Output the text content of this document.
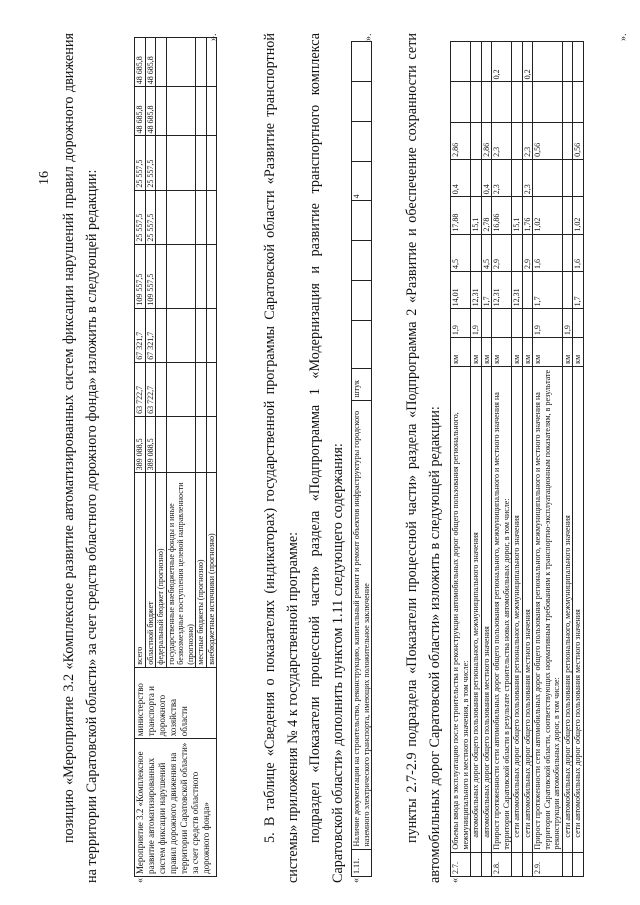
16 позицию «Мероприятие 3.2 «Комплексное развитие автоматизированных систем фиксации нарушений правил дорожного движения на территории Саратовской области» за счет средств областного дорожного фонда» изложить в следующей редакции:	«
Мероприятие 3.2 «Комплексное развитие автоматизированных систем фиксации нарушений правил дорожного движения на территории Саратовской области» за счет средств областного дорожного фонда»	министерство транспорта и дорожного хозяйства области	всего	389 088,5	63 722,7	67 321,7	109 557,5	25 557,5	25 557,5	48 685,8	48 685,8
		областной бюджет	389 088,5	63 722,7	67 321,7	109 557,5	25 557,5	25 557,5	48 685,8	48 685,8
		федеральный бюджет (прогнозно)								
		государственные внебюджетные фонды и иные безвозмездные поступления целевой направленности (прогнозно)								
		местные бюджеты (прогнозно)								
		внебюджетные источники (прогнозно)								
».	5. В таблице «Сведения о показателях (индикаторах) государственной программы Саратовской области «Развитие транспортной системы» приложения № 4 к государственной программе: подраздел «Показатели процессной части» раздела «Подпрограмма 1 «Модернизация и развитие транспортного комплекса Саратовской области» дополнить пунктом 1.11 следующего содержания: «
1.11.	Наличие документации на строительство, реконструкцию, капитальный ремонт и ремонт объектов инфраструктуры городского наземного электрического транспорта, имеющих положительное заключение	штук					4			
». пункты 2.7-2.9 подраздела «Показатели процессной части» раздела «Подпрограмма 2 «Развитие и обеспечение сохранности сети автомобильных дорог Саратовской области» изложить в следующей редакции: «
2.7.	Объемы ввода в эксплуатацию после строительства и реконструкции автомобильных дорог общего пользования регионального, межмуниципального и местного значения, в том числе:	км	1,9	14,01	4,5	17,88	0,4	2,86		
	автомобильных дорог общего пользования регионального, межмуниципального значения	км	1,9	12,31		15,1				
	автомобильных дорог общего пользования местного значения	км		1,7	4,5	2,78	0,4	2,86		
2.8.	Прирост протяженности сети автомобильных дорог общего пользования регионального, межмуниципального и местного значения на территории Саратовской области в результате строительства новых автомобильных дорог, в том числе:	км		12,31	2,9	16,86	2,3	2,3		0,2
	сети автомобильных дорог общего пользования регионального, межмуниципального значения	км		12,31		15,1				
	сети автомобильных дорог общего пользования местного значения	км			2,9	1,76	2,3	2,3		0,2
2.9.	Прирост протяженности сети автомобильных дорог общего пользования регионального, межмуниципального и местного значения на территории Саратовской области, соответствующих нормативным требованиям к транспортно-эксплуатационным показателям, в результате реконструкции автомобильных дорог, в том числе:	км	1,9	1,7	1,6	1,02		0,56		
	сети автомобильных дорог общего пользования регионального, межмуниципального значения	км	1,9							
	сети автомобильных дорог общего пользования местного значения	км		1,7	1,6	1,02		0,56		
».
